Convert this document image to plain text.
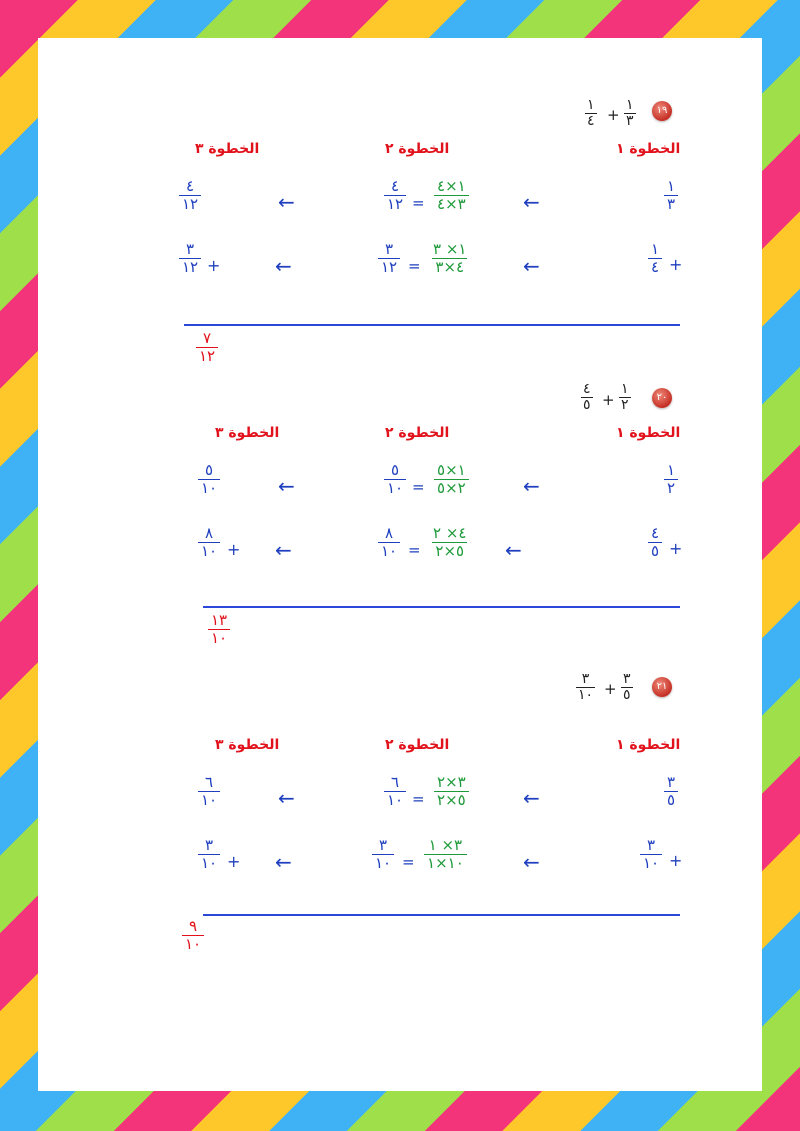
١٩
١
٣
+
١
٤
الخطوة ١
الخطوة ٢
الخطوة ٣
١
٣
←
١×٤
٣×٤
=
٤
١٢
←
٤
١٢
+
١
٤
←
١× ٣
٤×٣
=
٣
١٢
←
+
٣
١٢
٧
١٢
٢٠
١
٢
+
٤
٥
الخطوة ١
الخطوة ٢
الخطوة ٣
١
٢
←
١×٥
٢×٥
=
٥
١٠
←
٥
١٠
+
٤
٥
←
٤× ٢
٥×٢
=
٨
١٠
←
+
٨
١٠
١٣
١٠
٢١
٣
٥
+
٣
١٠
الخطوة ١
الخطوة ٢
الخطوة ٣
٣
٥
←
٣×٢
٥×٢
=
٦
١٠
←
٦
١٠
+
٣
١٠
←
٣× ١
١٠×١
=
٣
١٠
←
+
٣
١٠
٩
١٠
